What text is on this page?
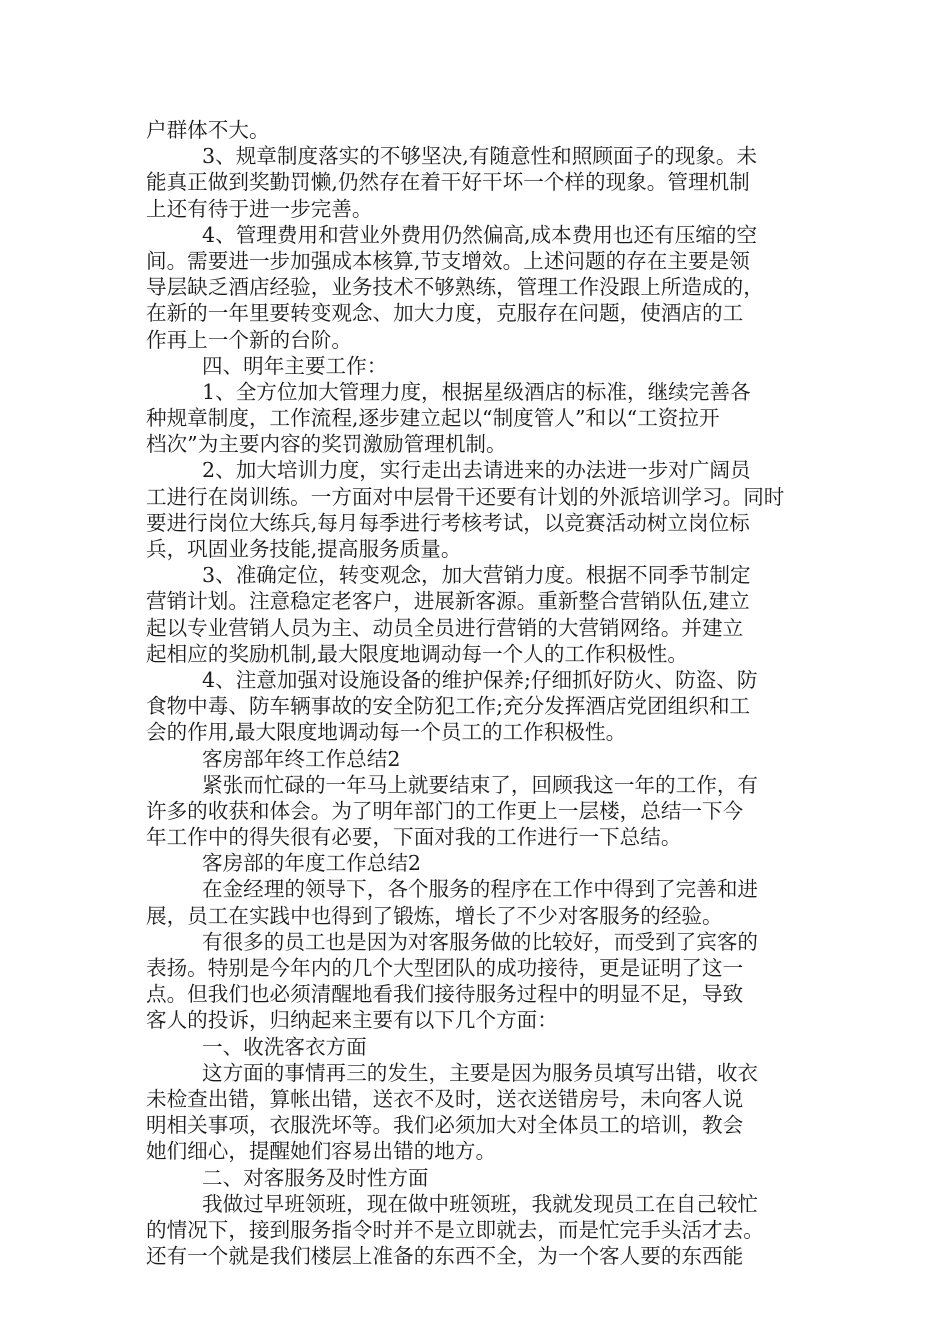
户群体不大。
3、规章制度落实的不够坚决,有随意性和照顾面子的现象。未
能真正做到奖勤罚懒,仍然存在着干好干坏一个样的现象。管理机制
上还有待于进一步完善。
4、管理费用和营业外费用仍然偏高,成本费用也还有压缩的空
间。需要进一步加强成本核算,节支增效。上述问题的存在主要是领
导层缺乏酒店经验，业务技术不够熟练，管理工作没跟上所造成的，
在新的一年里要转变观念、加大力度，克服存在问题，使酒店的工
作再上一个新的台阶。
四、明年主要工作：
1、全方位加大管理力度，根据星级酒店的标准，继续完善各
种规章制度，工作流程,逐步建立起以“制度管人”和以“工资拉开
档次”为主要内容的奖罚激励管理机制。
2、加大培训力度，实行走出去请进来的办法进一步对广阔员
工进行在岗训练。一方面对中层骨干还要有计划的外派培训学习。同时
要进行岗位大练兵,每月每季进行考核考试，以竞赛活动树立岗位标
兵，巩固业务技能,提高服务质量。
3、准确定位，转变观念，加大营销力度。根据不同季节制定
营销计划。注意稳定老客户，进展新客源。重新整合营销队伍,建立
起以专业营销人员为主、动员全员进行营销的大营销网络。并建立
起相应的奖励机制,最大限度地调动每一个人的工作积极性。
4、注意加强对设施设备的维护保养;仔细抓好防火、防盗、防
食物中毒、防车辆事故的安全防犯工作;充分发挥酒店党团组织和工
会的作用,最大限度地调动每一个员工的工作积极性。
客房部年终工作总结2
紧张而忙碌的一年马上就要结束了，回顾我这一年的工作，有
许多的收获和体会。为了明年部门的工作更上一层楼，总结一下今
年工作中的得失很有必要，下面对我的工作进行一下总结。
客房部的年度工作总结2
在金经理的领导下，各个服务的程序在工作中得到了完善和进
展，员工在实践中也得到了锻炼，增长了不少对客服务的经验。
有很多的员工也是因为对客服务做的比较好，而受到了宾客的
表扬。特别是今年内的几个大型团队的成功接待，更是证明了这一
点。但我们也必须清醒地看我们接待服务过程中的明显不足，导致
客人的投诉，归纳起来主要有以下几个方面：
一、收洗客衣方面
这方面的事情再三的发生，主要是因为服务员填写出错，收衣
未检查出错，算帐出错，送衣不及时，送衣送错房号，未向客人说
明相关事项，衣服洗坏等。我们必须加大对全体员工的培训，教会
她们细心，提醒她们容易出错的地方。
二、对客服务及时性方面
我做过早班领班，现在做中班领班，我就发现员工在自己较忙
的情况下，接到服务指令时并不是立即就去，而是忙完手头活才去。
还有一个就是我们楼层上准备的东西不全，为一个客人要的东西能
